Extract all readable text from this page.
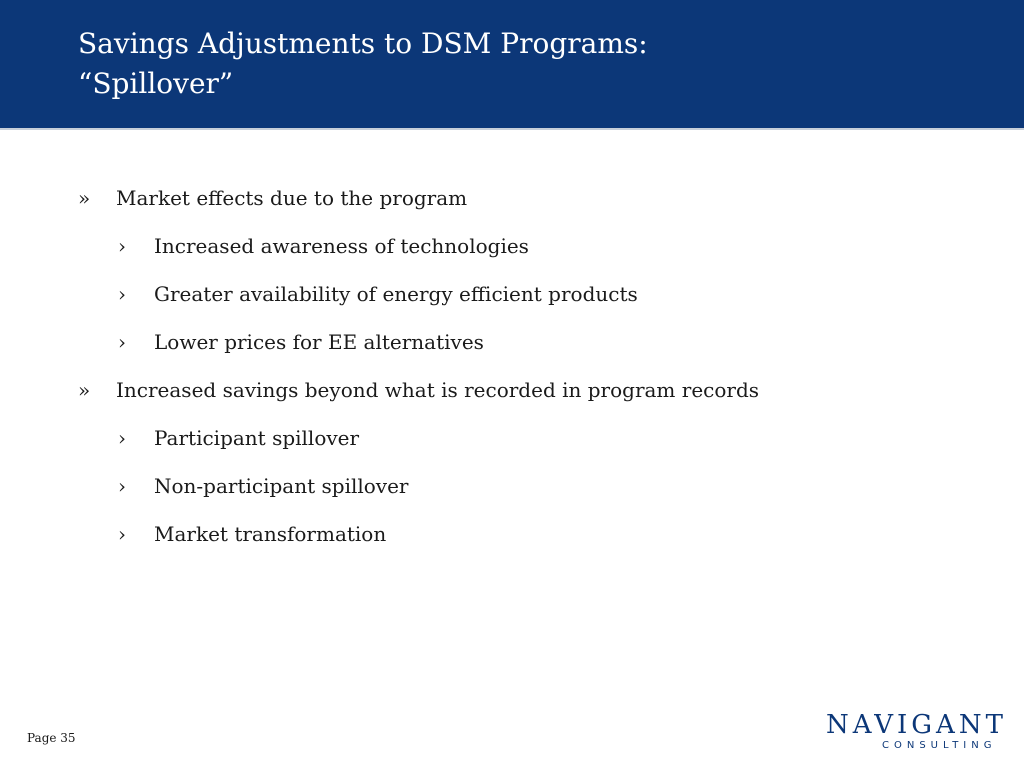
Savings Adjustments to DSM Programs:
“Spillover”
»	Market effects due to the program
›	Increased awareness of technologies
›	Greater availability of energy efficient products
›	Lower prices for EE alternatives
»	Increased savings beyond what is recorded in program records
›	Participant spillover
›	Non-participant spillover
›	Market transformation
Page 35	NAVIGANT
CONSULTING
